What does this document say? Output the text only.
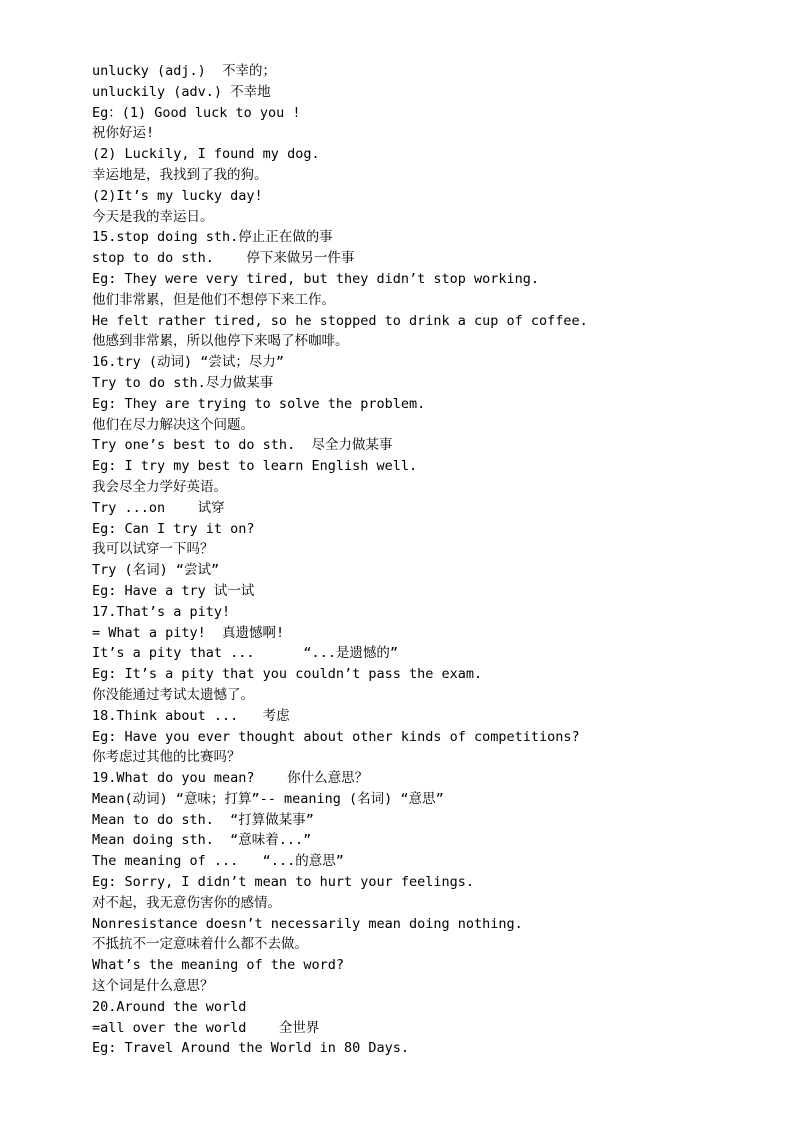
unlucky (adj.)  不幸的；
unluckily (adv.) 不幸地
Eg：(1) Good luck to you !
祝你好运!
(2) Luckily, I found my dog.
幸运地是，我找到了我的狗。
(2)It’s my lucky day!
今天是我的幸运日。
15.stop doing sth.停止正在做的事
stop to do sth.    停下来做另一件事
Eg: They were very tired, but they didn’t stop working.
他们非常累，但是他们不想停下来工作。
He felt rather tired, so he stopped to drink a cup of coffee.
他感到非常累，所以他停下来喝了杯咖啡。
16.try (动词) “尝试；尽力”
Try to do sth.尽力做某事
Eg: They are trying to solve the problem.
他们在尽力解决这个问题。
Try one’s best to do sth.  尽全力做某事
Eg: I try my best to learn English well.
我会尽全力学好英语。
Try ...on    试穿
Eg: Can I try it on?
我可以试穿一下吗？
Try (名词) “尝试”
Eg: Have a try 试一试
17.That’s a pity!
= What a pity!  真遗憾啊!
It’s a pity that ...      “...是遗憾的”
Eg: It’s a pity that you couldn’t pass the exam.
你没能通过考试太遗憾了。
18.Think about ...   考虑
Eg: Have you ever thought about other kinds of competitions?
你考虑过其他的比赛吗？
19.What do you mean?    你什么意思？
Mean(动词) “意味；打算”-- meaning (名词) “意思”
Mean to do sth.  “打算做某事”
Mean doing sth.  “意味着...”
The meaning of ...   “...的意思”
Eg: Sorry, I didn’t mean to hurt your feelings.
对不起，我无意伤害你的感情。
Nonresistance doesn’t necessarily mean doing nothing.
不抵抗不一定意味着什么都不去做。
What’s the meaning of the word?
这个词是什么意思？
20.Around the world
=all over the world    全世界
Eg: Travel Around the World in 80 Days.
